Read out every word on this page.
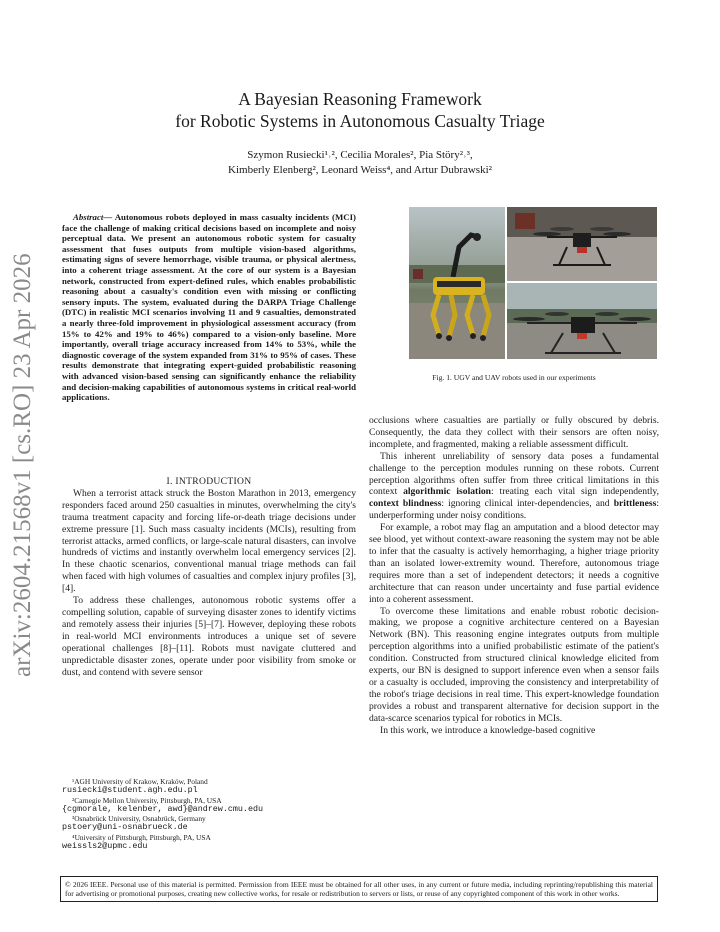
arXiv:2604.21568v1 [cs.RO] 23 Apr 2026
A Bayesian Reasoning Framework
for Robotic Systems in Autonomous Casualty Triage
Szymon Rusiecki¹˒², Cecilia Morales², Pia Störy²˒³,
Kimberly Elenberg², Leonard Weiss⁴, and Artur Dubrawski²

Abstract— Autonomous robots deployed in mass casualty incidents (MCI) face the challenge of making critical decisions based on incomplete and noisy perceptual data. We present an autonomous robotic system for casualty assessment that fuses outputs from multiple vision-based algorithms, estimating signs of severe hemorrhage, visible trauma, or physical alertness, into a coherent triage assessment. At the core of our system is a Bayesian network, constructed from expert-defined rules, which enables probabilistic reasoning about a casualty's condition even with missing or conflicting sensory inputs. The system, evaluated during the DARPA Triage Challenge (DTC) in realistic MCI scenarios involving 11 and 9 casualties, demonstrated a nearly three-fold improvement in physiological assessment accuracy (from 15% to 42% and 19% to 46%) compared to a vision-only baseline. More importantly, overall triage accuracy increased from 14% to 53%, while the diagnostic coverage of the system expanded from 31% to 95% of cases. These results demonstrate that integrating expert-guided probabilistic reasoning with advanced vision-based sensing can significantly enhance the reliability and decision-making capabilities of autonomous systems in critical real-world applications.

I. INTRODUCTION

When a terrorist attack struck the Boston Marathon in 2013, emergency responders faced around 250 casualties in minutes, overwhelming the city's trauma treatment capacity and forcing life-or-death triage decisions under extreme pressure [1]. Such mass casualty incidents (MCIs), resulting from terrorist attacks, armed conflicts, or large-scale natural disasters, can involve hundreds of victims and instantly overwhelm local emergency services [2]. In these chaotic scenarios, conventional manual triage methods can fail when faced with high volumes of casualties and complex injury profiles [3], [4].

To address these challenges, autonomous robotic systems offer a compelling solution, capable of surveying disaster zones to identify victims and remotely assess their injuries [5]–[7]. However, deploying these robots in real-world MCI environments introduces a unique set of severe operational challenges [8]–[11]. Robots must navigate cluttered and unpredictable disaster zones, operate under poor visibility from smoke or dust, and contend with severe sensor

¹AGH University of Krakow, Kraków, Poland
rusiecki@student.agh.edu.pl
²Carnegie Mellon University, Pittsburgh, PA, USA
{cgmorale, kelenber, awd}@andrew.cmu.edu
³Osnabrück University, Osnabrück, Germany
pstoery@uni-osnabrueck.de
⁴University of Pittsburgh, Pittsburgh, PA, USA
weissls2@upmc.edu
Fig. 1. UGV and UAV robots used in our experiments

occlusions where casualties are partially or fully obscured by debris. Consequently, the data they collect with their sensors are often noisy, incomplete, and fragmented, making a reliable assessment difficult.

This inherent unreliability of sensory data poses a fundamental challenge to the perception modules running on these robots. Current perception algorithms often suffer from three critical limitations in this context algorithmic isolation: treating each vital sign independently, context blindness: ignoring clinical inter-dependencies, and brittleness: underperforming under noisy conditions.

For example, a robot may flag an amputation and a blood detector may see blood, yet without context-aware reasoning the system may not be able to infer that the casualty is actively hemorrhaging, a higher triage priority than an isolated lower-extremity wound. Therefore, autonomous triage requires more than a set of independent detectors; it needs a cognitive architecture that can reason under uncertainty and fuse partial evidence into a coherent assessment.

To overcome these limitations and enable robust robotic decision-making, we propose a cognitive architecture centered on a Bayesian Network (BN). This reasoning engine integrates outputs from multiple perception algorithms into a unified probabilistic estimate of the patient's condition. Constructed from structured clinical knowledge elicited from experts, our BN is designed to support inference even when a sensor fails or a casualty is occluded, improving the consistency and interpretability of the robot's triage decisions in real time. This expert-knowledge foundation provides a robust and transparent alternative for decision support in the data-scarce scenarios typical for robotics in MCIs.

In this work, we introduce a knowledge-based cognitive

© 2026 IEEE. Personal use of this material is permitted. Permission from IEEE must be obtained for all other uses, in any current or future media, including reprinting/republishing this material for advertising or promotional purposes, creating new collective works, for resale or redistribution to servers or lists, or reuse of any copyrighted component of this work in other works.
